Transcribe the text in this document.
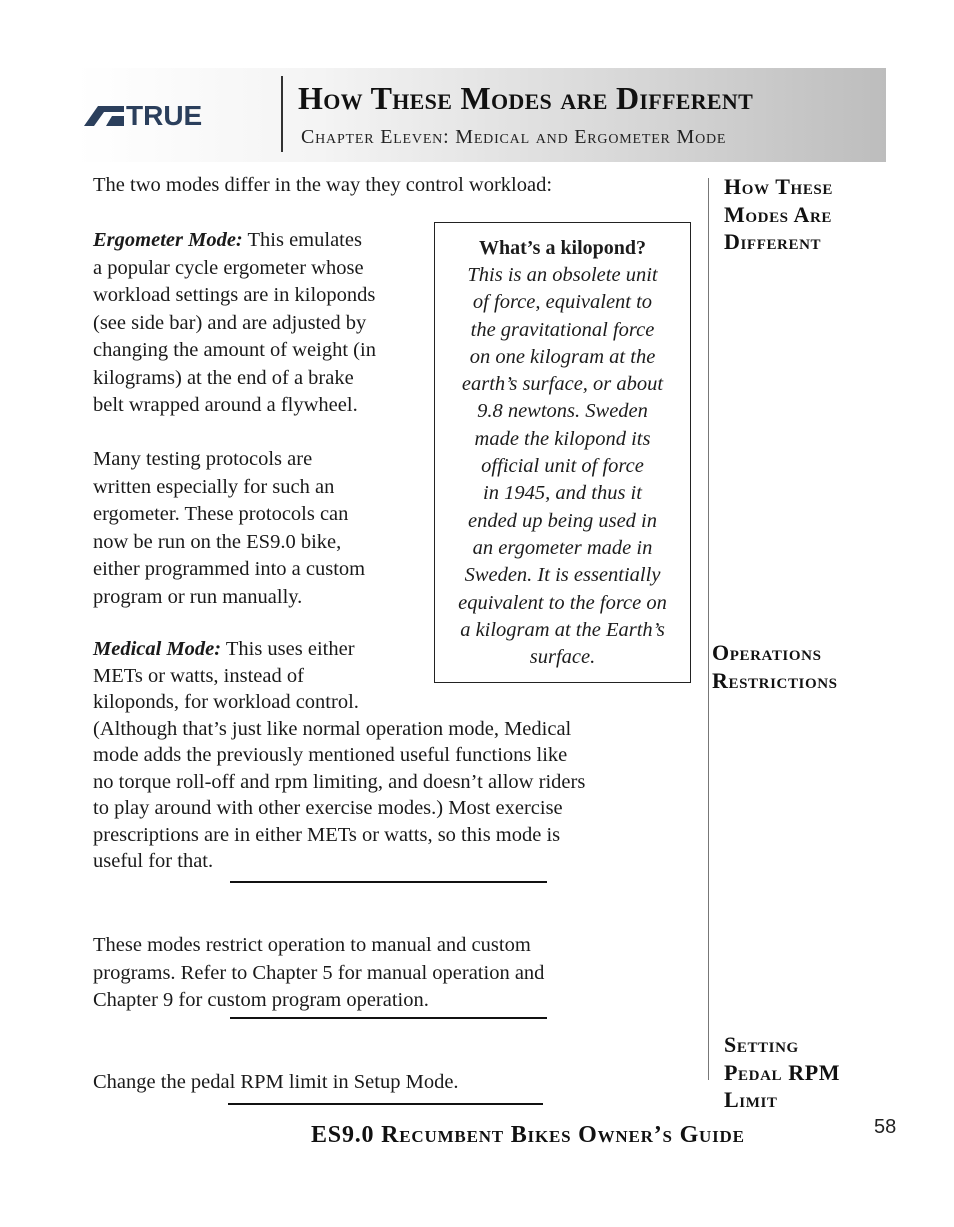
TRUE	How These Modes are Different
Chapter Eleven: Medical and Ergometer Mode
The two modes differ in the way they control workload:
Ergometer Mode: This emulates
a popular cycle ergometer whose
workload settings are in kiloponds
(see side bar) and are adjusted by
changing the amount of weight (in
kilograms) at the end of a brake
belt wrapped around a flywheel.
Many testing protocols are
written especially for such an
ergometer. These protocols can
now be run on the ES9.0 bike,
either programmed into a custom
program or run manually.
Medical Mode: This uses either
METs or watts, instead of
kiloponds, for workload control.
(Although that’s just like normal operation mode, Medical
mode adds the previously mentioned useful functions like
no torque roll-off and rpm limiting, and doesn’t allow riders
to play around with other exercise modes.) Most exercise
prescriptions are in either METs or watts, so this mode is
useful for that.
These modes restrict operation to manual and custom
programs. Refer to Chapter 5 for manual operation and
Chapter 9 for custom program operation.
Change the pedal RPM limit in Setup Mode.
What’s a kilopond?
This is an obsolete unit
of force, equivalent to
the gravitational force
on one kilogram at the
earth’s surface, or about
9.8 newtons. Sweden
made the kilopond its
official unit of force
in 1945, and thus it
ended up being used in
an ergometer made in
Sweden. It is essentially
equivalent to the force on
a kilogram at the Earth’s
surface.
How These
Modes Are
Different
Operations
Restrictions
Setting
Pedal RPM
Limit
ES9.0 Recumbent Bikes Owner’s Guide	58
